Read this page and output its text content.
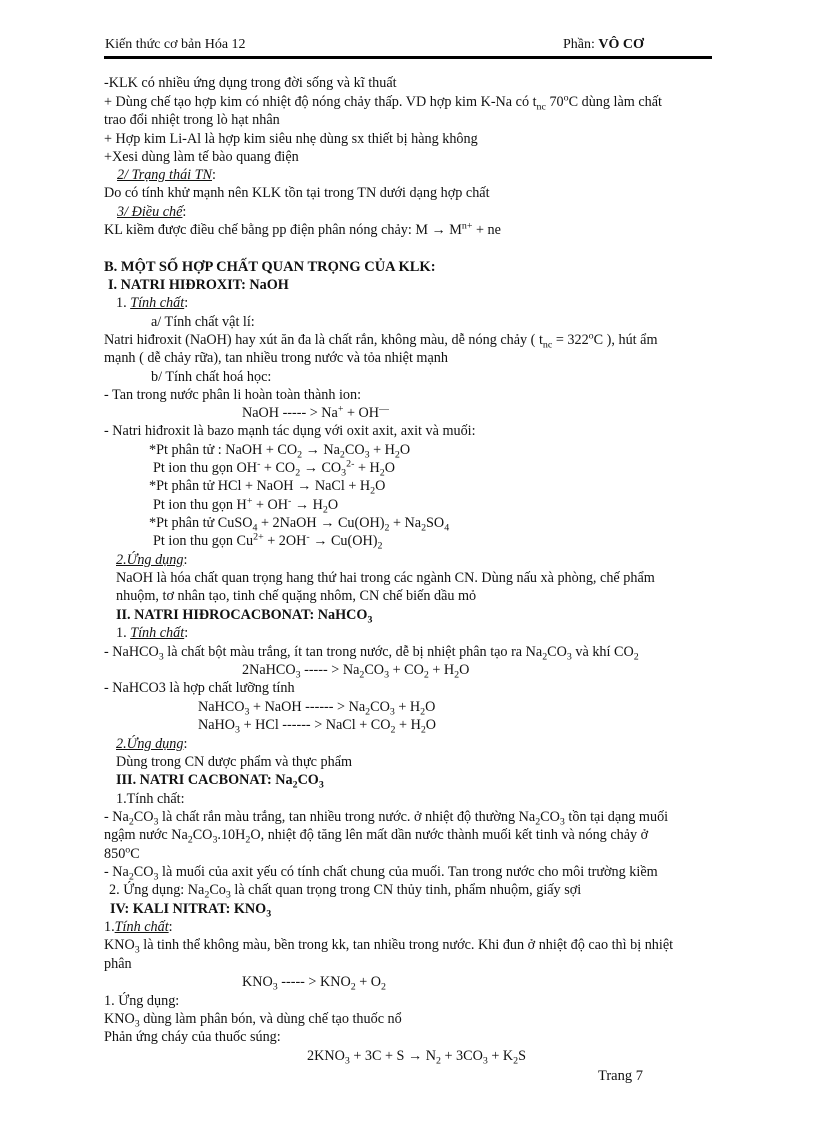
Kiến thức cơ bản Hóa 12	Phần: VÔ CƠ
-KLK có nhiều ứng dụng trong đời sống và kĩ thuất
+ Dùng chế tạo hợp kim có nhiệt độ nóng chảy thấp. VD hợp kim K-Na có $t_{nc}$ 70$^o$C dùng làm chất
trao đổi nhiệt trong lò hạt nhân
+ Hợp kim Li-Al là hợp kim siêu nhẹ dùng sx thiết bị hàng không
+Xesi dùng làm tế bào quang điện
2/ Trạng thái TN:
Do có tính khử mạnh nên KLK tồn tại trong TN dưới dạng hợp chất
3/ Điều chế:
KL kiềm được điều chế bằng pp điện phân nóng chảy: $M \to M^{n+}$ + ne
B. MỘT SỐ HỢP CHẤT QUAN TRỌNG CỦA KLK:
I. NATRI HIĐROXIT: NaOH
1. Tính chất:
a/ Tính chất vật lí:
Natri hiđroxit (NaOH) hay xút ăn đa là chất rắn, không màu, dễ nóng chảy ( $t_{nc} = 322^oC$ ), hút ẩm
mạnh ( dễ chảy rữa), tan nhiều trong nước và tỏa nhiệt mạnh
b/ Tính chất hoá học:
- Tan trong nước phân li hoàn toàn thành ion:
NaOH ----- > Na+ + OH—
- Natri hiđroxit là bazo mạnh tác dụng với oxit axit, axit và muối:
*Pt phân tử : NaOH + $CO_2 \to Na_2CO_3 + H_2O$
Pt ion thu gọn $OH^- + CO_2 \to CO_3^{2-} + H_2O$
*Pt phân tử HCl + NaOH → NaCl + $H_2O$
Pt ion thu gọn $H^+ + OH^- \to H_2O$
*Pt phân tử CuSO$_4$ + 2NaOH → $Cu(OH)_2 + Na_2SO_4$
Pt ion thu gọn $Cu^{2+} + 2OH^- \to Cu(OH)_2$
2.Ứng dụng:
NaOH là hóa chất quan trọng hang thứ hai trong các ngành CN. Dùng nấu xà phòng, chế phẩm
nhuộm, tơ nhân tạo, tinh chế quặng nhôm, CN chế biến dầu mỏ
II. NATRI HIĐROCACBONAT: NaHCO$_3$
1. Tính chất:
- NaHCO$_3$ là chất bột màu trắng, ít tan trong nước, dễ bị nhiệt phân tạo ra $Na_2CO_3$ và khí $CO_2$
2NaHCO$_3$ ----- > $Na_2CO_3 + CO_2 + H_2O$
- NaHCO3 là hợp chất lưỡng tính
NaHCO$_3$ + NaOH ------ > $Na_2CO_3 + H_2O$
NaHO$_3$ + HCl ------ > NaCl + $CO_2 + H_2O$
2.Ứng dụng:
Dùng trong CN dược phẩm và thực phẩm
III. NATRI CACBONAT: $Na_2CO_3$
1.Tính chất:
- $Na_2CO_3$ là chất rắn màu trắng, tan nhiều trong nước. ở nhiệt độ thường $Na_2CO_3$ tồn tại dạng muối
ngậm nước $Na_2CO_3.10H_2O$, nhiệt độ tăng lên mất dần nước thành muối kết tinh và nóng chảy ở
850$^o$C
- $Na_2CO_3$ là muối của axit yếu có tính chất chung của muối. Tan trong nước cho môi trường kiềm
2. Ứng dụng: $Na_2Co_3$ là chất quan trọng trong CN thủy tinh, phẩm nhuộm, giấy sợi
IV: KALI NITRAT: $KNO_3$
1.Tính chất:
$KNO_3$ là tinh thể không màu, bền trong kk, tan nhiều trong nước. Khi đun ở nhiệt độ cao thì bị nhiệt
phân
$KNO_3$ ----- > $KNO_2 + O_2$
1. Ứng dụng:
$KNO_3$ dùng làm phân bón, và dùng chế tạo thuốc nổ
Phản ứng cháy của thuốc súng:
$2KNO_3 + 3C + S \to N_2 + 3CO_3 + K_2S$
Trang 7
